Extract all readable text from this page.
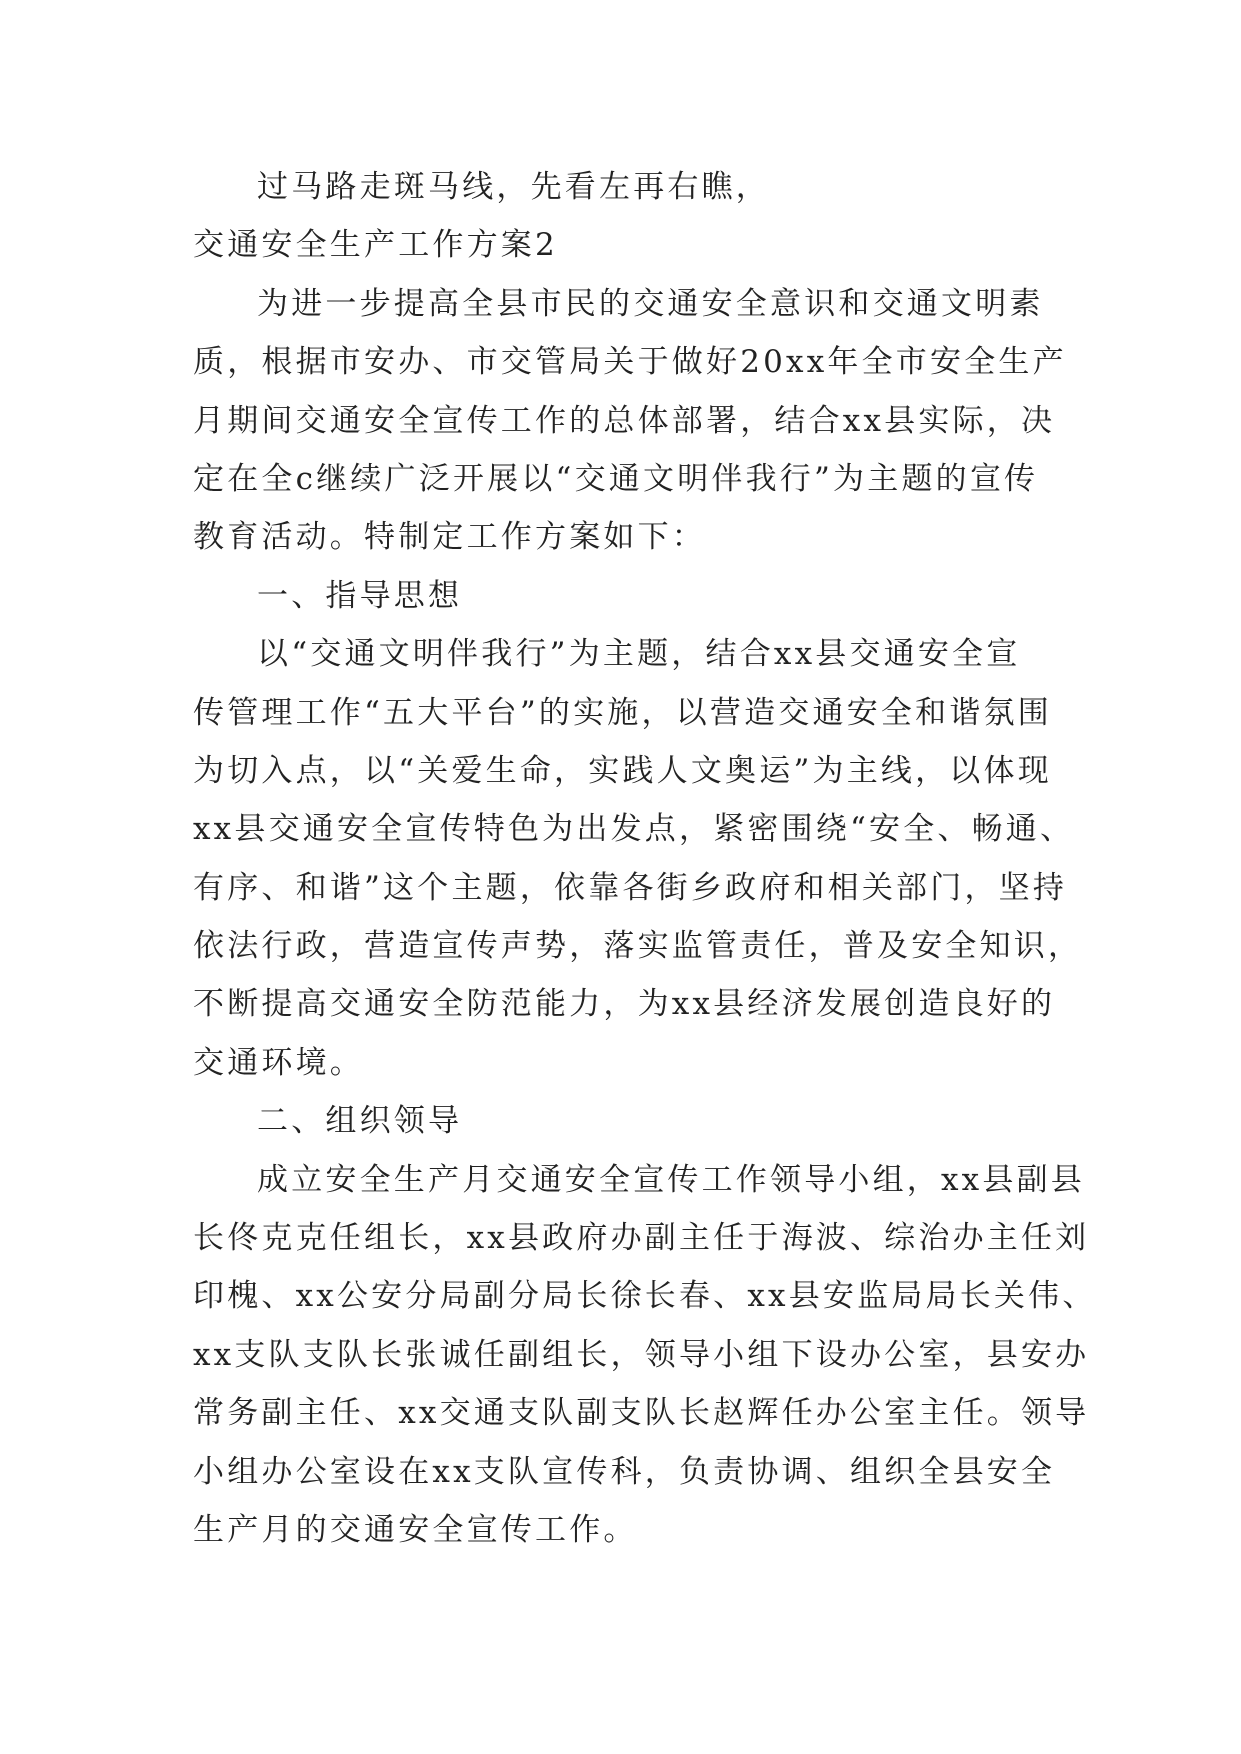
过马路走斑马线，先看左再右瞧，
交通安全生产工作方案2
为进一步提高全县市民的交通安全意识和交通文明素
质，根据市安办、市交管局关于做好20xx年全市安全生产
月期间交通安全宣传工作的总体部署，结合xx县实际，决
定在全c继续广泛开展以“交通文明伴我行”为主题的宣传
教育活动。特制定工作方案如下：
一、指导思想
以“交通文明伴我行”为主题，结合xx县交通安全宣
传管理工作“五大平台”的实施，以营造交通安全和谐氛围
为切入点，以“关爱生命，实践人文奥运”为主线，以体现
xx县交通安全宣传特色为出发点，紧密围绕“安全、畅通、
有序、和谐”这个主题，依靠各街乡政府和相关部门，坚持
依法行政，营造宣传声势，落实监管责任，普及安全知识，
不断提高交通安全防范能力，为xx县经济发展创造良好的
交通环境。
二、组织领导
成立安全生产月交通安全宣传工作领导小组，xx县副县
长佟克克任组长，xx县政府办副主任于海波、综治办主任刘
印槐、xx公安分局副分局长徐长春、xx县安监局局长关伟、
xx支队支队长张诚任副组长，领导小组下设办公室，县安办
常务副主任、xx交通支队副支队长赵辉任办公室主任。领导
小组办公室设在xx支队宣传科，负责协调、组织全县安全
生产月的交通安全宣传工作。
